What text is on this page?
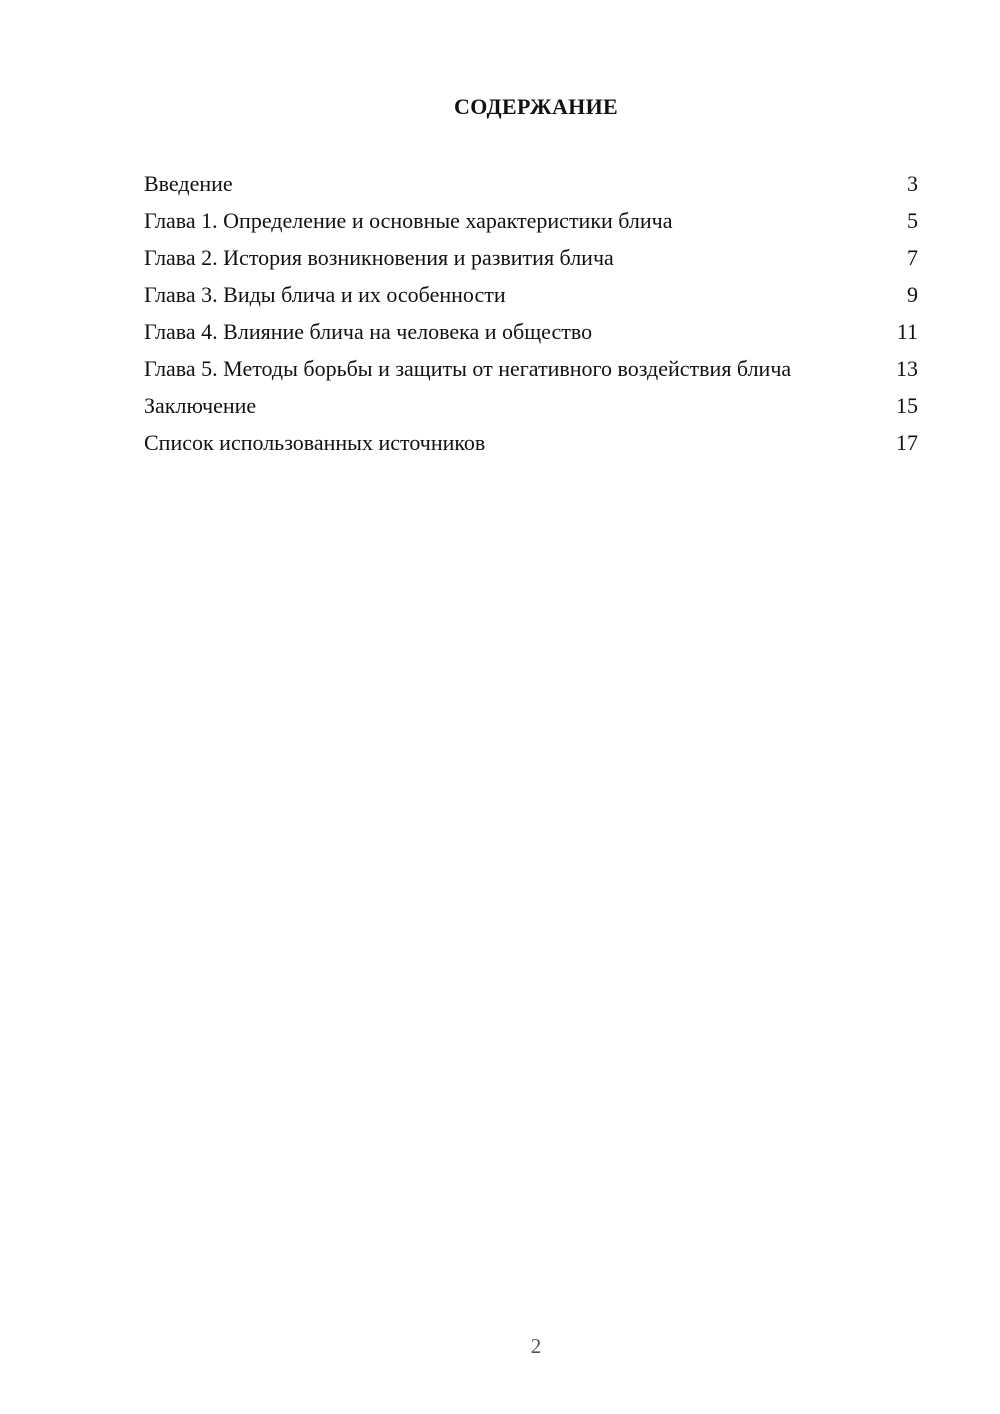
СОДЕРЖАНИЕ
Введение	3
Глава 1. Определение и основные характеристики блича	5
Глава 2. История возникновения и развития блича	7
Глава 3. Виды блича и их особенности	9
Глава 4. Влияние блича на человека и общество	11
Глава 5. Методы борьбы и защиты от негативного воздействия блича	13
Заключение	15
Список использованных источников	17
2
